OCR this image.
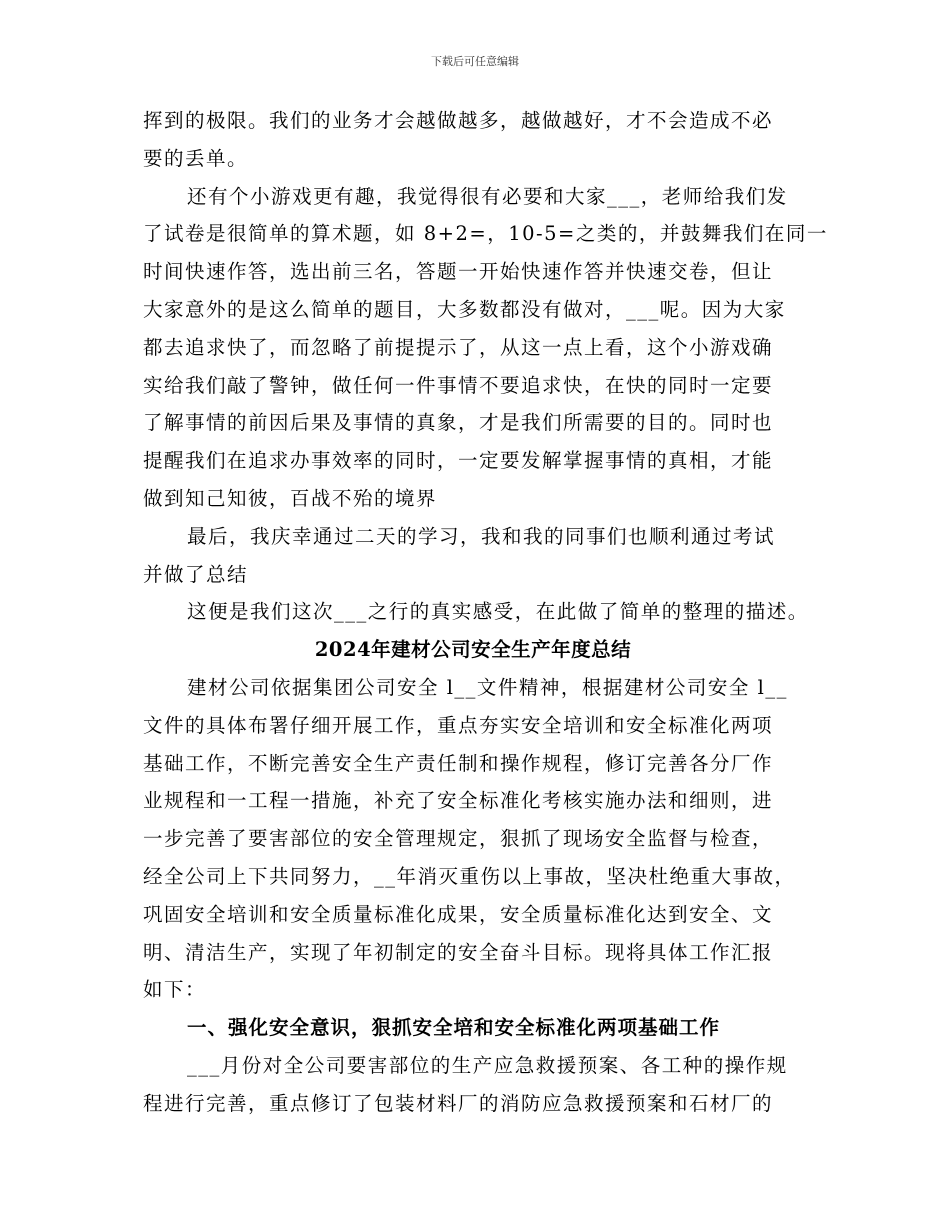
下载后可任意编辑

挥到的极限。我们的业务才会越做越多，越做越好，才不会造成不必

要的丢单。

还有个小游戏更有趣，我觉得很有必要和大家___，老师给我们发

了试卷是很简单的算术题，如 8+2=，10-5=之类的，并鼓舞我们在同一

时间快速作答，选出前三名，答题一开始快速作答并快速交卷，但让

大家意外的是这么简单的题目，大多数都没有做对，___呢。因为大家

都去追求快了，而忽略了前提提示了，从这一点上看，这个小游戏确

实给我们敲了警钟，做任何一件事情不要追求快，在快的同时一定要

了解事情的前因后果及事情的真象，才是我们所需要的目的。同时也

提醒我们在追求办事效率的同时，一定要发解掌握事情的真相，才能

做到知己知彼，百战不殆的境界

最后，我庆幸通过二天的学习，我和我的同事们也顺利通过考试

并做了总结

这便是我们这次___之行的真实感受，在此做了简单的整理的描述。

2024年建材公司安全生产年度总结

建材公司依据集团公司安全 l__文件精神，根据建材公司安全 l__

文件的具体布署仔细开展工作，重点夯实安全培训和安全标准化两项

基础工作，不断完善安全生产责任制和操作规程，修订完善各分厂作

业规程和一工程一措施，补充了安全标准化考核实施办法和细则，进

一步完善了要害部位的安全管理规定，狠抓了现场安全监督与检查，

经全公司上下共同努力，__年消灭重伤以上事故，坚决杜绝重大事故，

巩固安全培训和安全质量标准化成果，安全质量标准化达到安全、文

明、清洁生产，实现了年初制定的安全奋斗目标。现将具体工作汇报

如下：

一、强化安全意识，狠抓安全培和安全标准化两项基础工作

___月份对全公司要害部位的生产应急救援预案、各工种的操作规

程进行完善，重点修订了包装材料厂的消防应急救援预案和石材厂的
